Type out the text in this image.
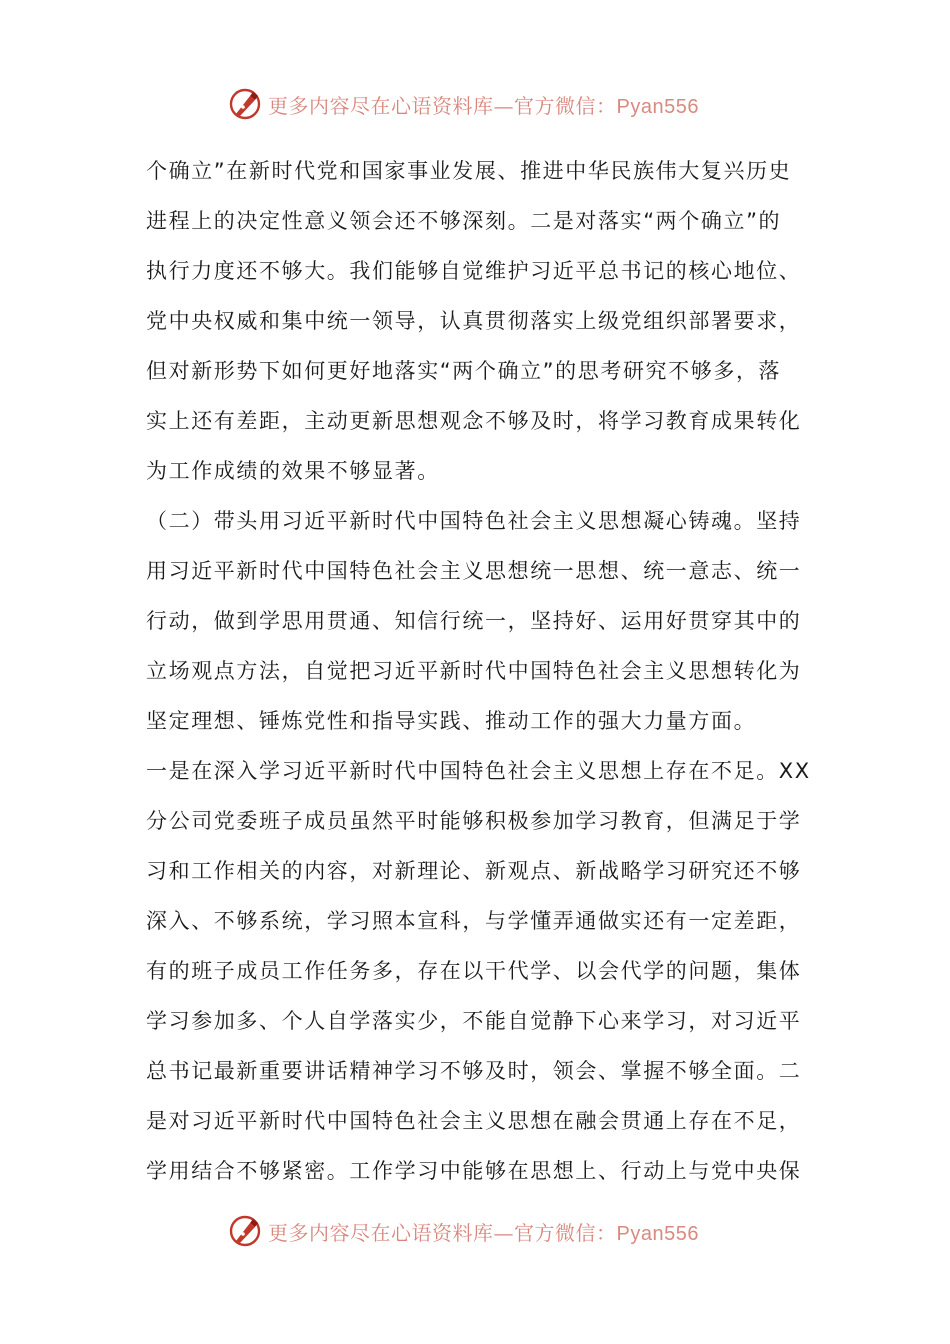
更多内容尽在心语资料库—官方微信：Pyan556
个确立”在新时代党和国家事业发展、推进中华民族伟大复兴历史
进程上的决定性意义领会还不够深刻。二是对落实“两个确立”的
执行力度还不够大。我们能够自觉维护习近平总书记的核心地位、
党中央权威和集中统一领导，认真贯彻落实上级党组织部署要求，
但对新形势下如何更好地落实“两个确立”的思考研究不够多，落
实上还有差距，主动更新思想观念不够及时，将学习教育成果转化
为工作成绩的效果不够显著。
（二）带头用习近平新时代中国特色社会主义思想凝心铸魂。坚持
用习近平新时代中国特色社会主义思想统一思想、统一意志、统一
行动，做到学思用贯通、知信行统一，坚持好、运用好贯穿其中的
立场观点方法，自觉把习近平新时代中国特色社会主义思想转化为
坚定理想、锤炼党性和指导实践、推动工作的强大力量方面。
一是在深入学习近平新时代中国特色社会主义思想上存在不足。XX
分公司党委班子成员虽然平时能够积极参加学习教育，但满足于学
习和工作相关的内容，对新理论、新观点、新战略学习研究还不够
深入、不够系统，学习照本宣科，与学懂弄通做实还有一定差距，
有的班子成员工作任务多，存在以干代学、以会代学的问题，集体
学习参加多、个人自学落实少，不能自觉静下心来学习，对习近平
总书记最新重要讲话精神学习不够及时，领会、掌握不够全面。二
是对习近平新时代中国特色社会主义思想在融会贯通上存在不足，
学用结合不够紧密。工作学习中能够在思想上、行动上与党中央保
更多内容尽在心语资料库—官方微信：Pyan556
